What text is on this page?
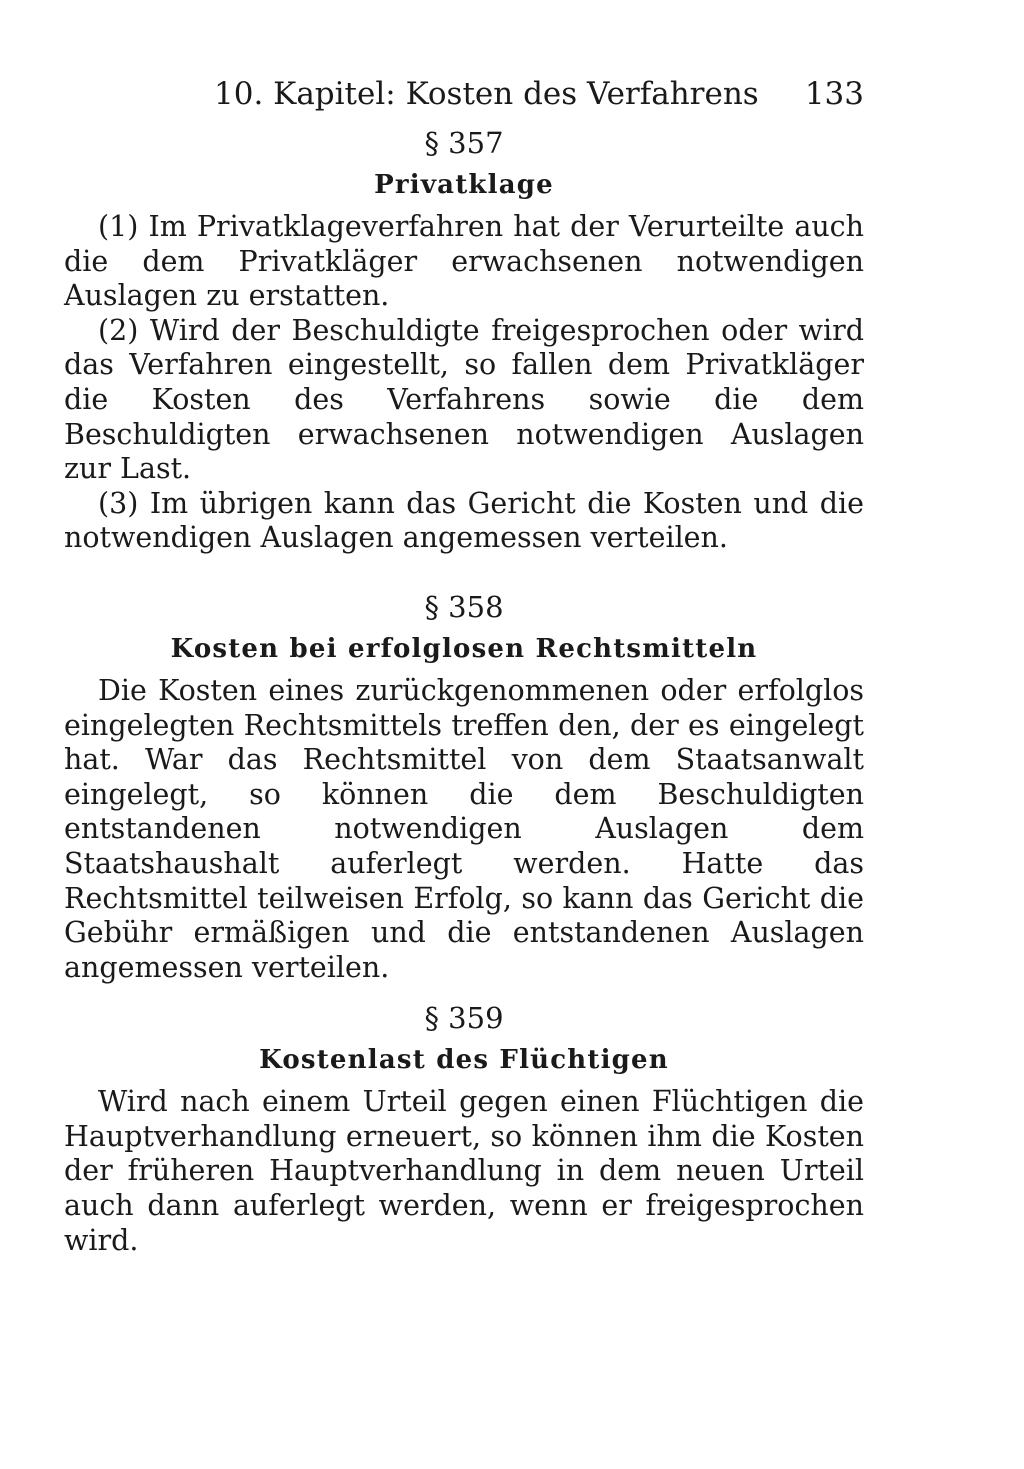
10. Kapitel: Kosten des Verfahrens 133

§ 357

Privatklage

(1) Im Privatklageverfahren hat der Verurteilte auch die dem Privatkläger erwachsenen notwendigen Auslagen zu erstatten.

(2) Wird der Beschuldigte freigesprochen oder wird das Verfahren eingestellt, so fallen dem Privatkläger die Kosten des Verfahrens sowie die dem Beschuldigten erwachsenen notwendigen Auslagen zur Last.

(3) Im übrigen kann das Gericht die Kosten und die notwendigen Auslagen angemessen verteilen.

§ 358

Kosten bei erfolglosen Rechtsmitteln

Die Kosten eines zurückgenommenen oder erfolglos eingelegten Rechtsmittels treffen den, der es eingelegt hat. War das Rechtsmittel von dem Staatsanwalt eingelegt, so können die dem Beschuldigten entstandenen notwendigen Auslagen dem Staatshaushalt auferlegt werden. Hatte das Rechtsmittel teilweisen Erfolg, so kann das Gericht die Gebühr ermäßigen und die entstandenen Auslagen angemessen verteilen.

§ 359

Kostenlast des Flüchtigen

Wird nach einem Urteil gegen einen Flüchtigen die Hauptverhandlung erneuert, so können ihm die Kosten der früheren Hauptverhandlung in dem neuen Urteil auch dann auferlegt werden, wenn er freigesprochen wird.
